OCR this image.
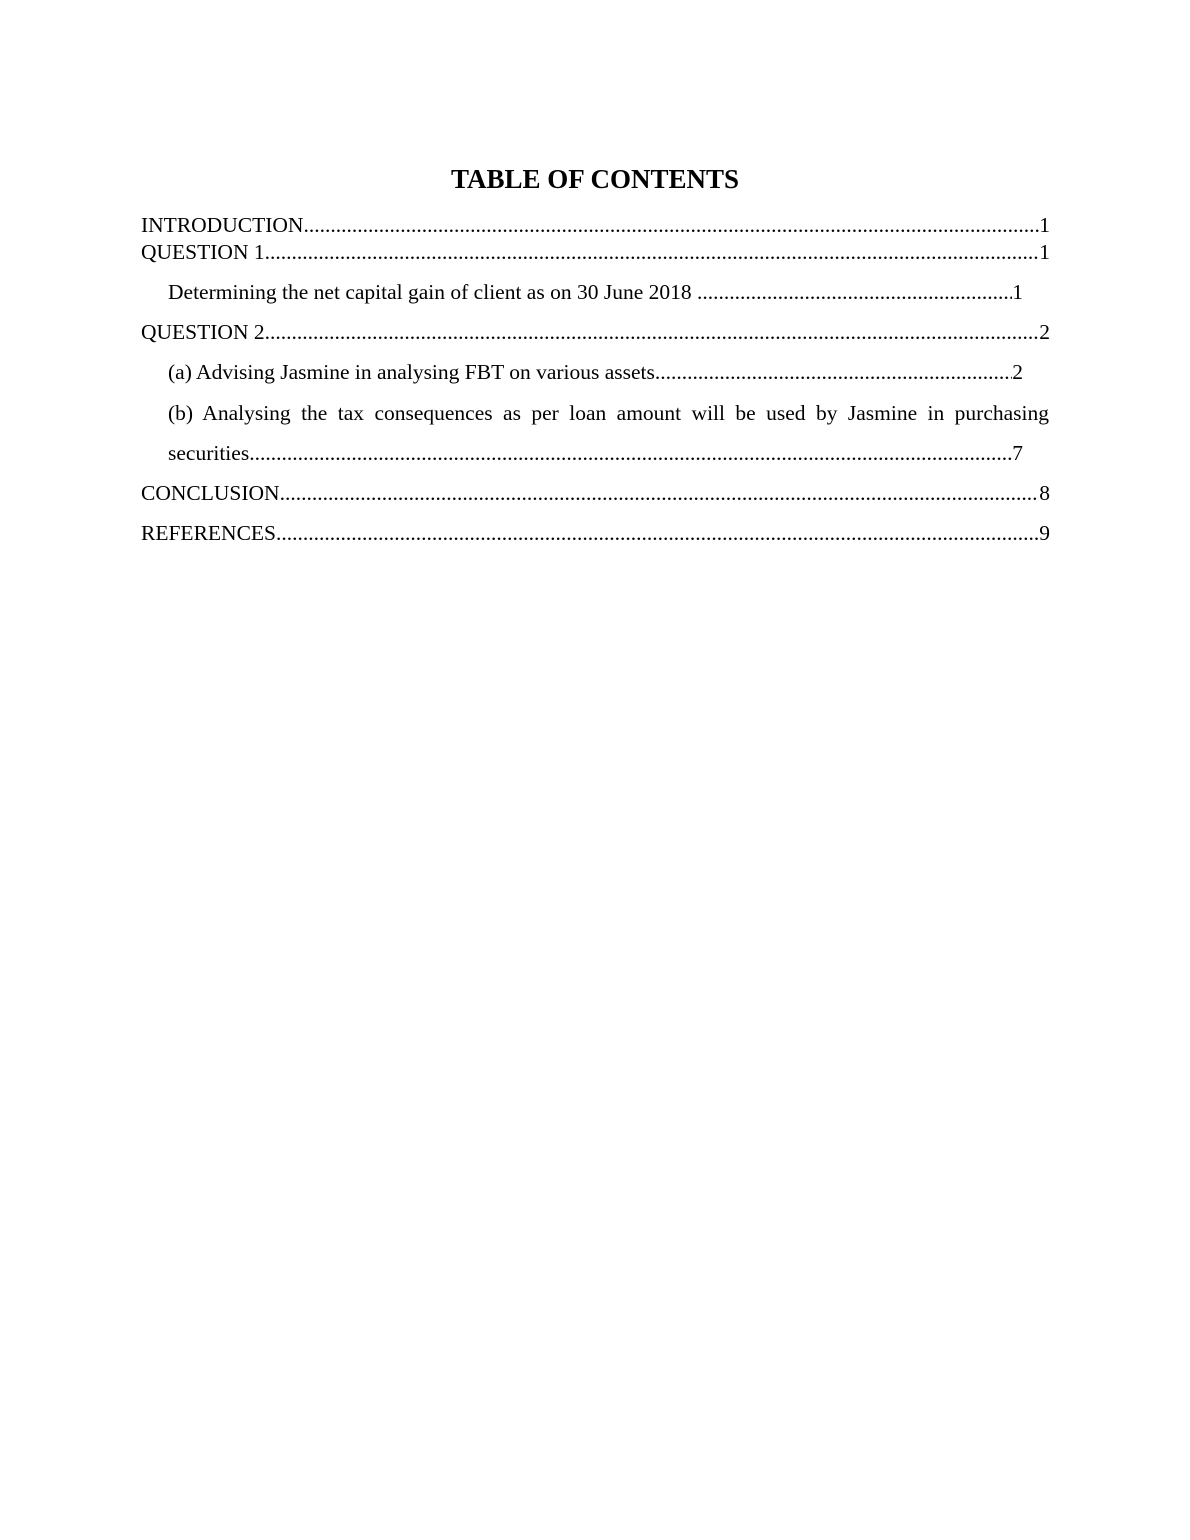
TABLE OF CONTENTS
INTRODUCTION .....	1
QUESTION 1 .....	1
Determining the net capital gain of client as on 30 June 2018 .....	1
QUESTION 2 .....	2
(a) Advising Jasmine in analysing FBT on various assets .....	2
(b) Analysing the tax consequences as per loan amount will be used by Jasmine in purchasing
securities .....	7
CONCLUSION .....	8
REFERENCES .....	9
